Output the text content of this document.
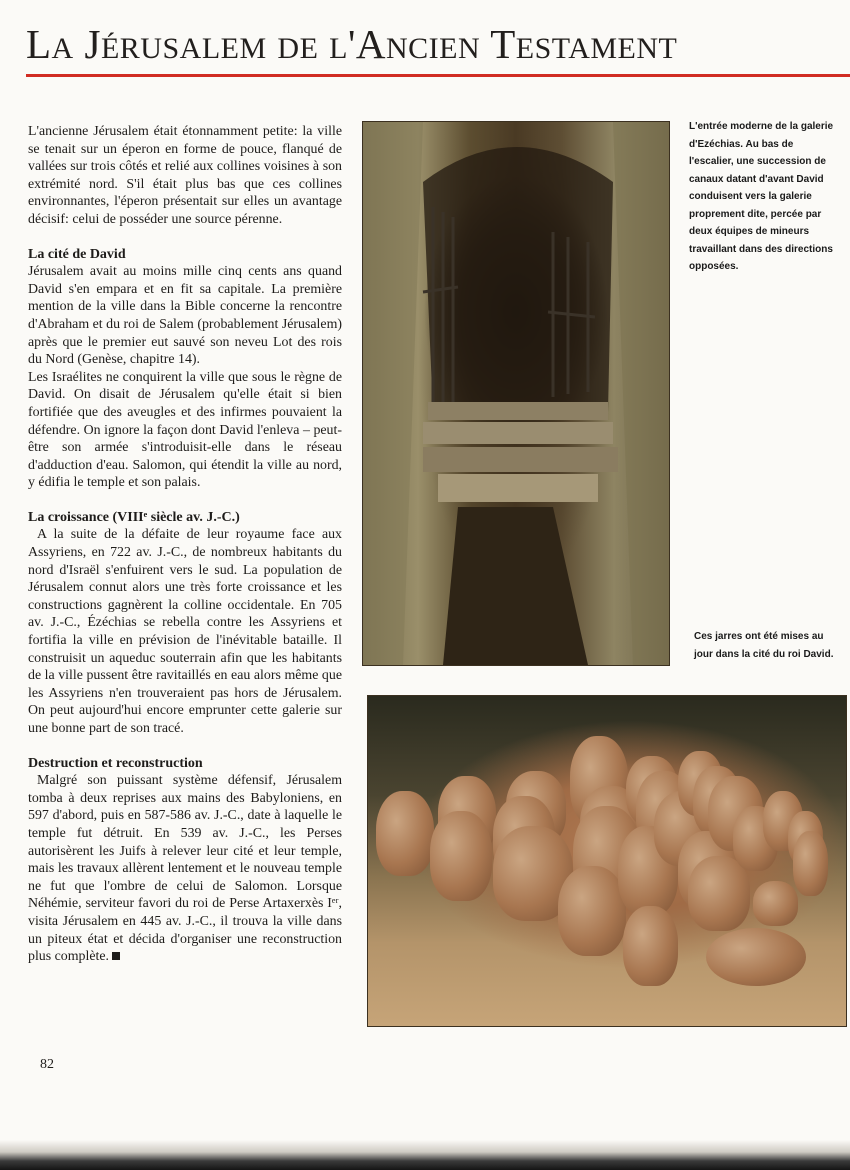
LA JÉRUSALEM DE L'ANCIEN TESTAMENT

L'ancienne Jérusalem était étonnamment petite: la ville se tenait sur un éperon en forme de pouce, flanqué de vallées sur trois côtés et relié aux collines voisines à son extrémité nord. S'il était plus bas que ces collines environnantes, l'éperon présentait sur elles un avantage décisif: celui de posséder une source pérenne.

La cité de David

Jérusalem avait au moins mille cinq cents ans quand David s'en empara et en fit sa capitale. La première mention de la ville dans la Bible concerne la rencontre d'Abraham et du roi de Salem (probablement Jérusalem) après que le premier eut sauvé son neveu Lot des rois du Nord (Genèse, chapitre 14).

Les Israélites ne conquirent la ville que sous le règne de David. On disait de Jérusalem qu'elle était si bien fortifiée que des aveugles et des infirmes pouvaient la défendre. On ignore la façon dont David l'enleva – peut-être son armée s'introduisit-elle dans le réseau d'adduction d'eau. Salomon, qui étendit la ville au nord, y édifia le temple et son palais.

La croissance (VIIIᵉ siècle av. J.-C.)

A la suite de la défaite de leur royaume face aux Assyriens, en 722 av. J.-C., de nombreux habitants du nord d'Israël s'enfuirent vers le sud. La population de Jérusalem connut alors une très forte croissance et les constructions gagnèrent la colline occidentale. En 705 av. J.-C., Ézéchias se rebella contre les Assyriens et fortifia la ville en prévision de l'inévitable bataille. Il construisit un aqueduc souterrain afin que les habitants de la ville pussent être ravitaillés en eau alors même que les Assyriens n'en trouveraient pas hors de Jérusalem. On peut aujourd'hui encore emprunter cette galerie sur une bonne part de son tracé.

Destruction et reconstruction

Malgré son puissant système défensif, Jérusalem tomba à deux reprises aux mains des Babyloniens, en 597 d'abord, puis en 587-586 av. J.-C., date à laquelle le temple fut détruit. En 539 av. J.-C., les Perses autorisèrent les Juifs à relever leur cité et leur temple, mais les travaux allèrent lentement et le nouveau temple ne fut que l'ombre de celui de Salomon. Lorsque Néhémie, serviteur favori du roi de Perse Artaxerxès Iᵉʳ, visita Jérusalem en 445 av. J.-C., il trouva la ville dans un piteux état et décida d'organiser une reconstruction plus complète.

L'entrée moderne de la galerie d'Ezéchias. Au bas de l'escalier, une succession de canaux datant d'avant David conduisent vers la galerie proprement dite, percée par deux équipes de mineurs travaillant dans des directions opposées.
Ces jarres ont été mises au jour dans la cité du roi David.
82
